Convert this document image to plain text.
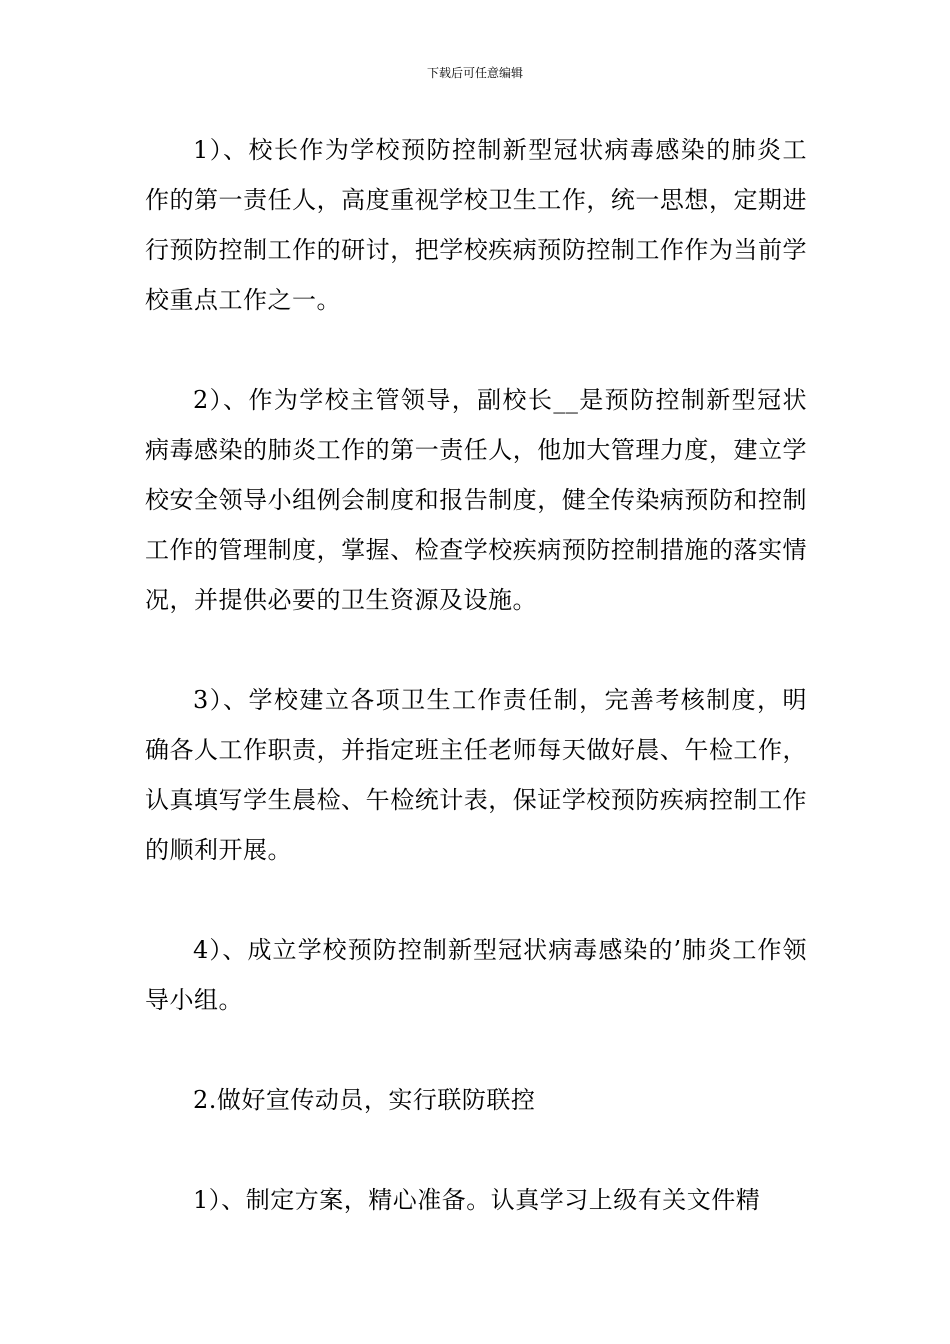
下载后可任意编辑

1）、校长作为学校预防控制新型冠状病毒感染的肺炎工作的第一责任人，高度重视学校卫生工作，统一思想，定期进行预防控制工作的研讨，把学校疾病预防控制工作作为当前学校重点工作之一。

2）、作为学校主管领导，副校长__是预防控制新型冠状病毒感染的肺炎工作的第一责任人，他加大管理力度，建立学校安全领导小组例会制度和报告制度，健全传染病预防和控制工作的管理制度，掌握、检查学校疾病预防控制措施的落实情况，并提供必要的卫生资源及设施。

3）、学校建立各项卫生工作责任制，完善考核制度，明确各人工作职责，并指定班主任老师每天做好晨、午检工作，认真填写学生晨检、午检统计表，保证学校预防疾病控制工作的顺利开展。

4）、成立学校预防控制新型冠状病毒感染的’肺炎工作领导小组。

2.做好宣传动员，实行联防联控

1）、制定方案，精心准备。认真学习上级有关文件精
